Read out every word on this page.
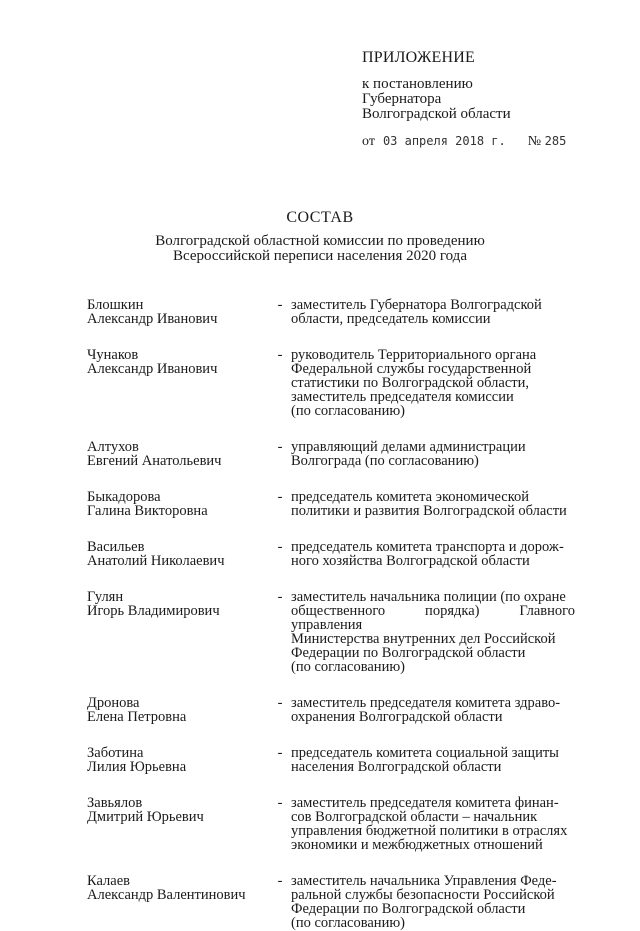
ПРИЛОЖЕНИЕ
к постановлению
Губернатора
Волгоградской области
от 03 апреля 2018 г. № 285
СОСТАВ
Волгоградской областной комиссии по проведению
Всероссийской переписи населения 2020 года
Блошкин
Александр Иванович
- заместитель Губернатора Волгоградской
области, председатель комиссии
Чунаков
Александр Иванович
- руководитель Территориального органа
Федеральной службы государственной
статистики по Волгоградской области,
заместитель председателя комиссии
(по согласованию)
Алтухов
Евгений Анатольевич
- управляющий делами администрации
Волгограда (по согласованию)
Быкадорова
Галина Викторовна
- председатель комитета экономической
политики и развития Волгоградской области
Васильев
Анатолий Николаевич
- председатель комитета транспорта и дорож-
ного хозяйства Волгоградской области
Гулян
Игорь Владимирович
- заместитель начальника полиции (по охране
общественного порядка) Главного управления
Министерства внутренних дел Российской
Федерации по Волгоградской области
(по согласованию)
Дронова
Елена Петровна
- заместитель председателя комитета здраво-
охранения Волгоградской области
Заботина
Лилия Юрьевна
- председатель комитета социальной защиты
населения Волгоградской области
Завьялов
Дмитрий Юрьевич
- заместитель председателя комитета финан-
сов Волгоградской области – начальник
управления бюджетной политики в отраслях
экономики и межбюджетных отношений
Калаев
Александр Валентинович
- заместитель начальника Управления Феде-
ральной службы безопасности Российской
Федерации по Волгоградской области
(по согласованию)
